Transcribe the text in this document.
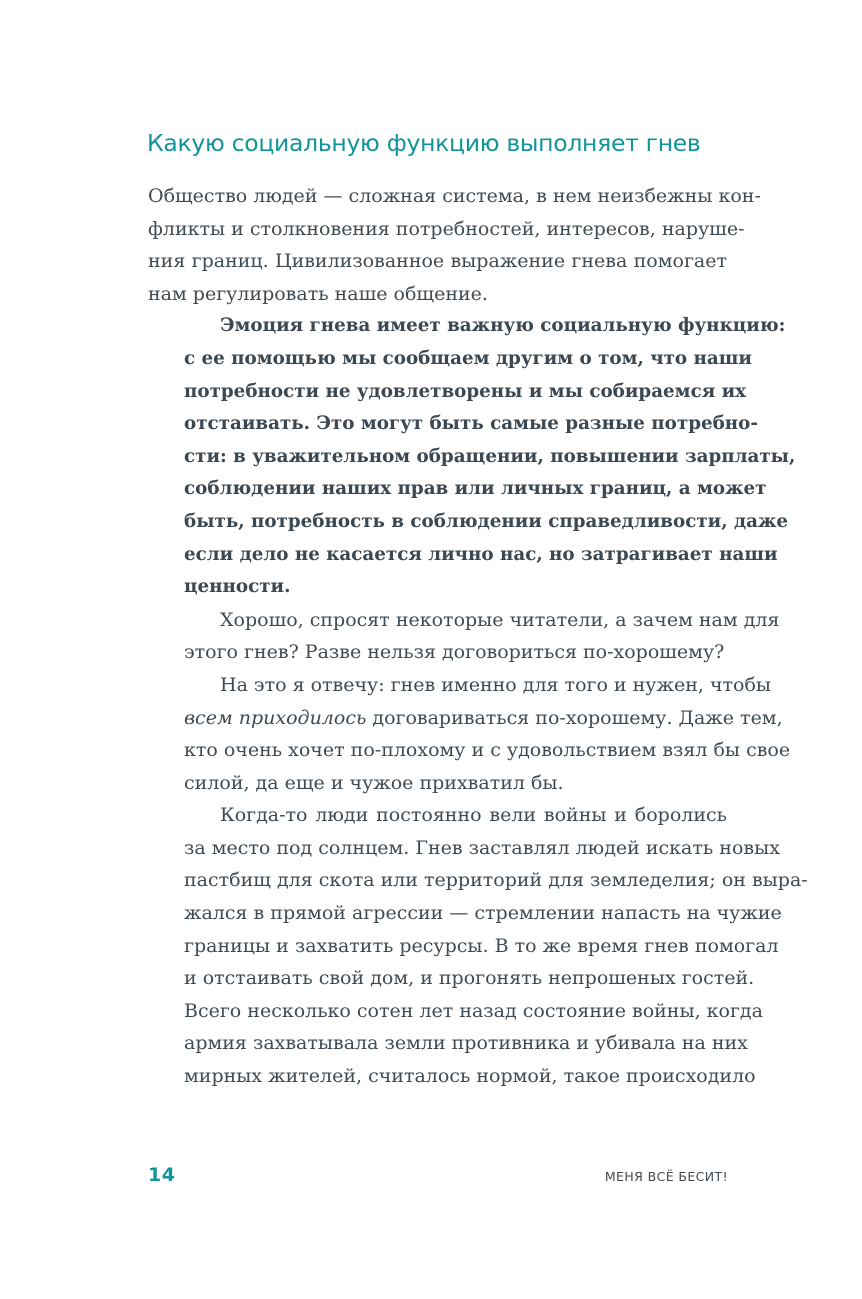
Какую социальную функцию выполняет гнев

Общество людей — сложная система, в нем неизбежны кон-
фликты и столкновения потребностей, интересов, наруше-
ния границ. Цивилизованное выражение гнева помогает
нам регулировать наше общение.

Эмоция гнева имеет важную социальную функцию:
с ее помощью мы сообщаем другим о том, что наши
потребности не удовлетворены и мы собираемся их
отстаивать. Это могут быть самые разные потребно-
сти: в уважительном обращении, повышении зарплаты,
соблюдении наших прав или личных границ, а может
быть, потребность в соблюдении справедливости, даже
если дело не касается лично нас, но затрагивает наши
ценности.

Хорошо, спросят некоторые читатели, а зачем нам для
этого гнев? Разве нельзя договориться по-хорошему?

На это я отвечу: гнев именно для того и нужен, чтобы
всем приходилось договариваться по-хорошему. Даже тем,
кто очень хочет по-плохому и с удовольствием взял бы свое
силой, да еще и чужое прихватил бы.

Когда-то люди постоянно вели войны и боролись
за место под солнцем. Гнев заставлял людей искать новых
пастбищ для скота или территорий для земледелия; он выра-
жался в прямой агрессии — стремлении напасть на чужие
границы и захватить ресурсы. В то же время гнев помогал
и отстаивать свой дом, и прогонять непрошеных гостей.
Всего несколько сотен лет назад состояние войны, когда
армия захватывала земли противника и убивала на них
мирных жителей, считалось нормой, такое происходило

14	МЕНЯ ВСЁ БЕСИТ!
